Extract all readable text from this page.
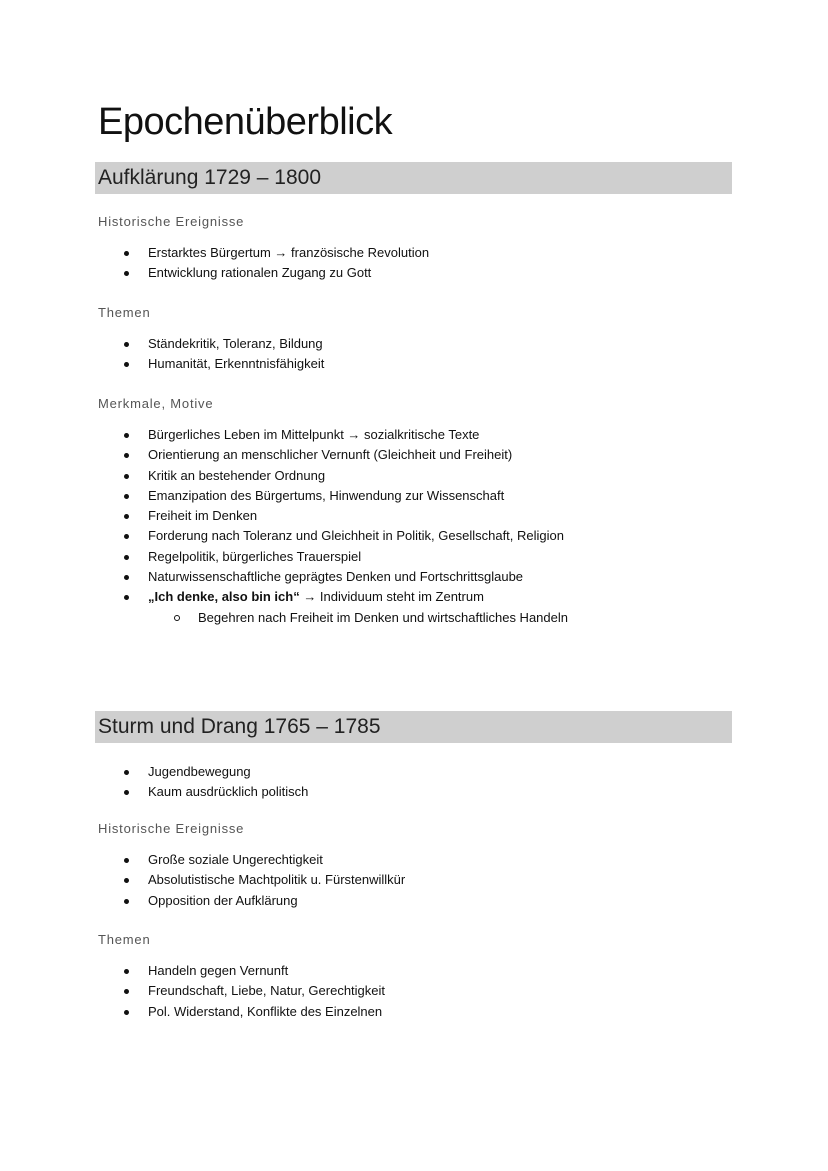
Epochenüberblick
Aufklärung 1729 – 1800
Historische Ereignisse
Erstarktes Bürgertum → französische Revolution
Entwicklung rationalen Zugang zu Gott
Themen
Ständekritik, Toleranz, Bildung
Humanität, Erkenntnisfähigkeit
Merkmale, Motive
Bürgerliches Leben im Mittelpunkt → sozialkritische Texte
Orientierung an menschlicher Vernunft (Gleichheit und Freiheit)
Kritik an bestehender Ordnung
Emanzipation des Bürgertums, Hinwendung zur Wissenschaft
Freiheit im Denken
Forderung nach Toleranz und Gleichheit in Politik, Gesellschaft, Religion
Regelpolitik, bürgerliches Trauerspiel
Naturwissenschaftliche geprägtes Denken und Fortschrittsglaube
„Ich denke, also bin ich“ → Individuum steht im Zentrum
Begehren nach Freiheit im Denken und wirtschaftliches Handeln
Sturm und Drang 1765 – 1785
Jugendbewegung
Kaum ausdrücklich politisch
Historische Ereignisse
Große soziale Ungerechtigkeit
Absolutistische Machtpolitik u. Fürstenwillkür
Opposition der Aufklärung
Themen
Handeln gegen Vernunft
Freundschaft, Liebe, Natur, Gerechtigkeit
Pol. Widerstand, Konflikte des Einzelnen
